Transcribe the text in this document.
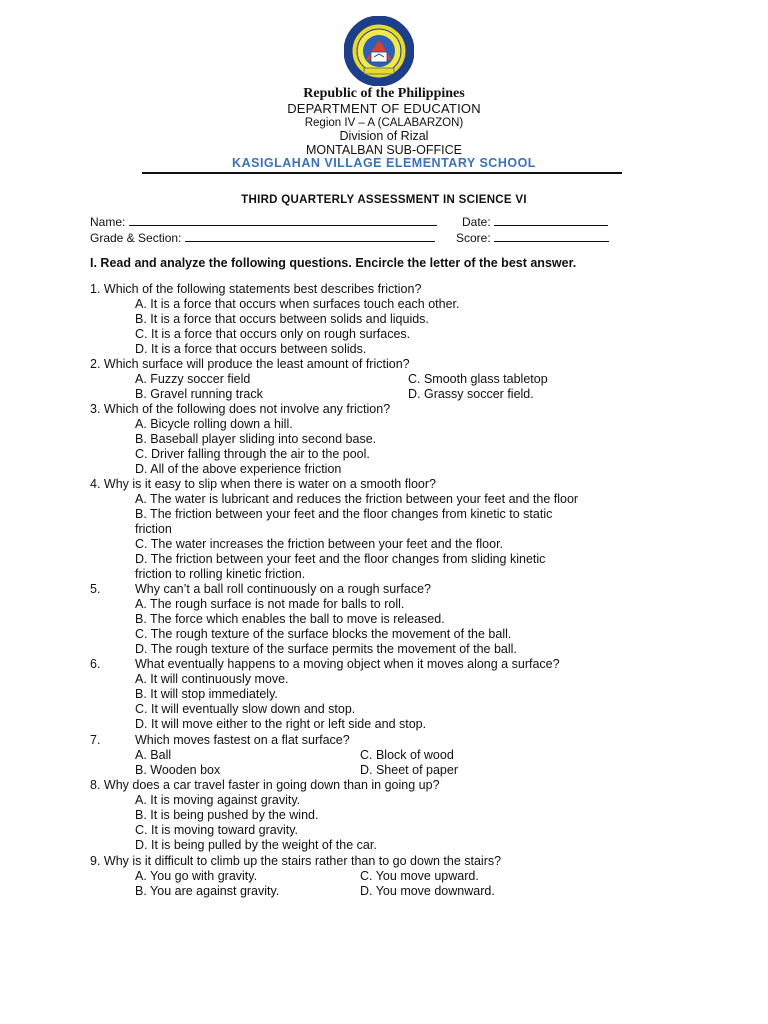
Republic of the Philippines
DEPARTMENT OF EDUCATION
Region IV – A (CALABARZON)
Division of Rizal
MONTALBAN SUB-OFFICE
KASIGLAHAN VILLAGE ELEMENTARY SCHOOL
THIRD QUARTERLY ASSESSMENT IN SCIENCE VI
Name:	Date:
Grade & Section:	Score:
I. Read and analyze the following questions. Encircle the letter of the best answer.
1. Which of the following statements best describes friction?
A. It is a force that occurs when surfaces touch each other.
B. It is a force that occurs between solids and liquids.
C. It is a force that occurs only on rough surfaces.
D. It is a force that occurs between solids.
2. Which surface will produce the least amount of friction?
A. Fuzzy soccer field	C. Smooth glass tabletop
B. Gravel running track	D. Grassy soccer field.
3. Which of the following does not involve any friction?
A. Bicycle rolling down a hill.
B. Baseball player sliding into second base.
C. Driver falling through the air to the pool.
D. All of the above experience friction
4. Why is it easy to slip when there is water on a smooth floor?
A. The water is lubricant and reduces the friction between your feet and the floor
B. The friction between your feet and the floor changes from kinetic to static
friction
C. The water increases the friction between your feet and the floor.
D. The friction between your feet and the floor changes from sliding kinetic
friction to rolling kinetic friction.
5.	Why can’t a ball roll continuously on a rough surface?
A. The rough surface is not made for balls to roll.
B. The force which enables the ball to move is released.
C. The rough texture of the surface blocks the movement of the ball.
D. The rough texture of the surface permits the movement of the ball.
6.	What eventually happens to a moving object when it moves along a surface?
A. It will continuously move.
B. It will stop immediately.
C. It will eventually slow down and stop.
D. It will move either to the right or left side and stop.
7.	Which moves fastest on a flat surface?
A. Ball	C. Block of wood
B. Wooden box	D. Sheet of paper
8. Why does a car travel faster in going down than in going up?
A. It is moving against gravity.
B. It is being pushed by the wind.
C. It is moving toward gravity.
D. It is being pulled by the weight of the car.
9. Why is it difficult to climb up the stairs rather than to go down the stairs?
A. You go with gravity.	C. You move upward.
B. You are against gravity.	D. You move downward.
